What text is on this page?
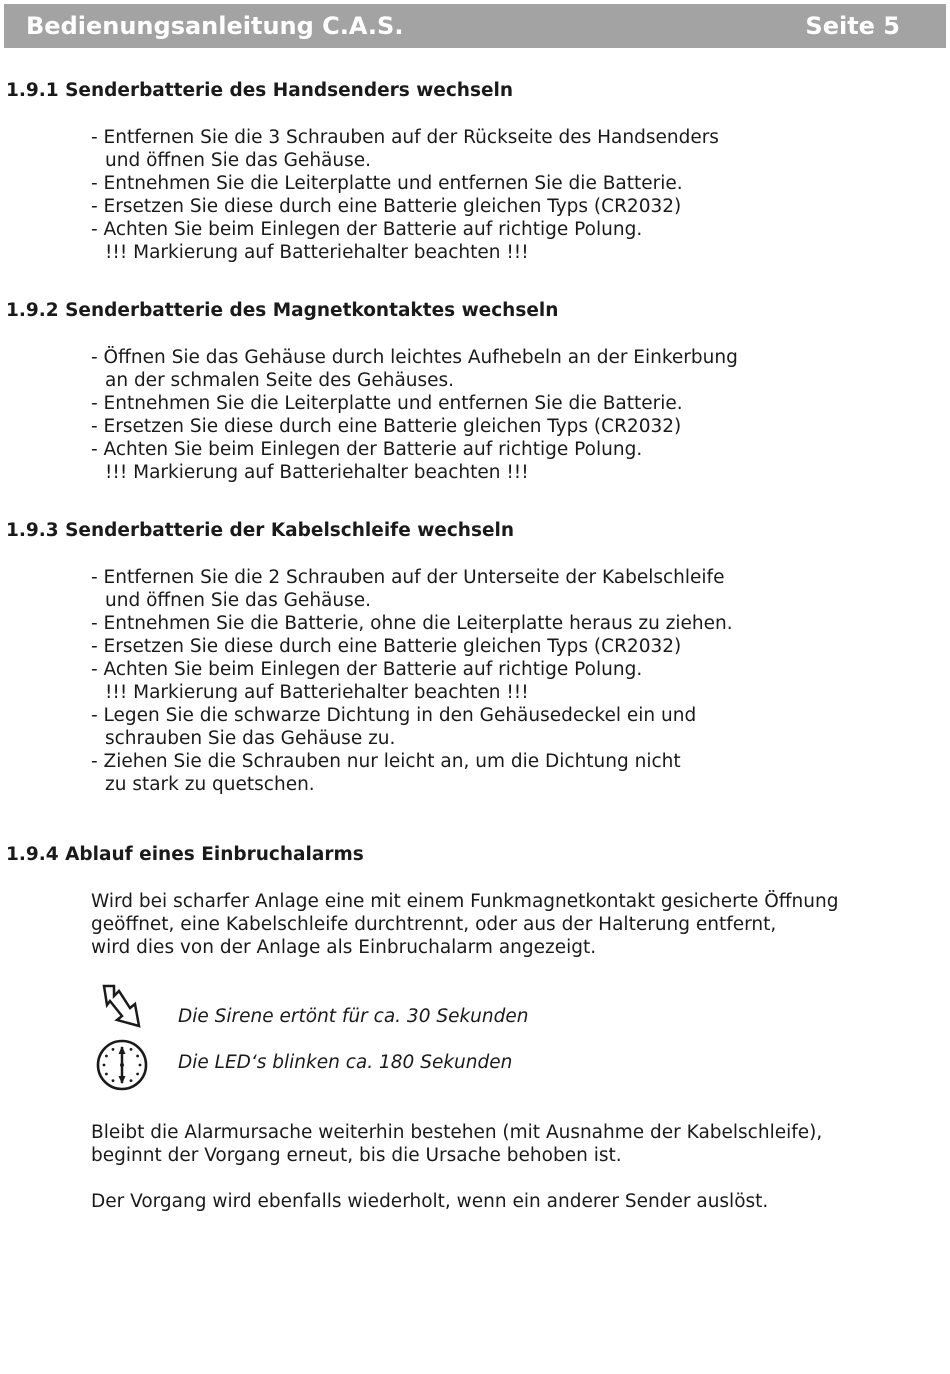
Bedienungsanleitung C.A.S.	Seite 5
1.9.1 Senderbatterie des Handsenders wechseln
- Entfernen Sie die 3 Schrauben auf der Rückseite des Handsenders
und öffnen Sie das Gehäuse.
- Entnehmen Sie die Leiterplatte und entfernen Sie die Batterie.
- Ersetzen Sie diese durch eine Batterie gleichen Typs (CR2032)
- Achten Sie beim Einlegen der Batterie auf richtige Polung.
!!! Markierung auf Batteriehalter beachten !!!
1.9.2 Senderbatterie des Magnetkontaktes wechseln
- Öffnen Sie das Gehäuse durch leichtes Aufhebeln an der Einkerbung
an der schmalen Seite des Gehäuses.
- Entnehmen Sie die Leiterplatte und entfernen Sie die Batterie.
- Ersetzen Sie diese durch eine Batterie gleichen Typs (CR2032)
- Achten Sie beim Einlegen der Batterie auf richtige Polung.
!!! Markierung auf Batteriehalter beachten !!!
1.9.3 Senderbatterie der Kabelschleife wechseln
- Entfernen Sie die 2 Schrauben auf der Unterseite der Kabelschleife
und öffnen Sie das Gehäuse.
- Entnehmen Sie die Batterie, ohne die Leiterplatte heraus zu ziehen.
- Ersetzen Sie diese durch eine Batterie gleichen Typs (CR2032)
- Achten Sie beim Einlegen der Batterie auf richtige Polung.
!!! Markierung auf Batteriehalter beachten !!!
- Legen Sie die schwarze Dichtung in den Gehäusedeckel ein und
schrauben Sie das Gehäuse zu.
- Ziehen Sie die Schrauben nur leicht an, um die Dichtung nicht
zu stark zu quetschen.
1.9.4 Ablauf eines Einbruchalarms

Wird bei scharfer Anlage eine mit einem Funkmagnetkontakt gesicherte Öffnung
geöffnet, eine Kabelschleife durchtrennt, oder aus der Halterung entfernt,
wird dies von der Anlage als Einbruchalarm angezeigt.

Die Sirene ertönt für ca. 30 Sekunden
Die LED‘s blinken ca. 180 Sekunden

Bleibt die Alarmursache weiterhin bestehen (mit Ausnahme der Kabelschleife),
beginnt der Vorgang erneut, bis die Ursache behoben ist.

Der Vorgang wird ebenfalls wiederholt, wenn ein anderer Sender auslöst.
